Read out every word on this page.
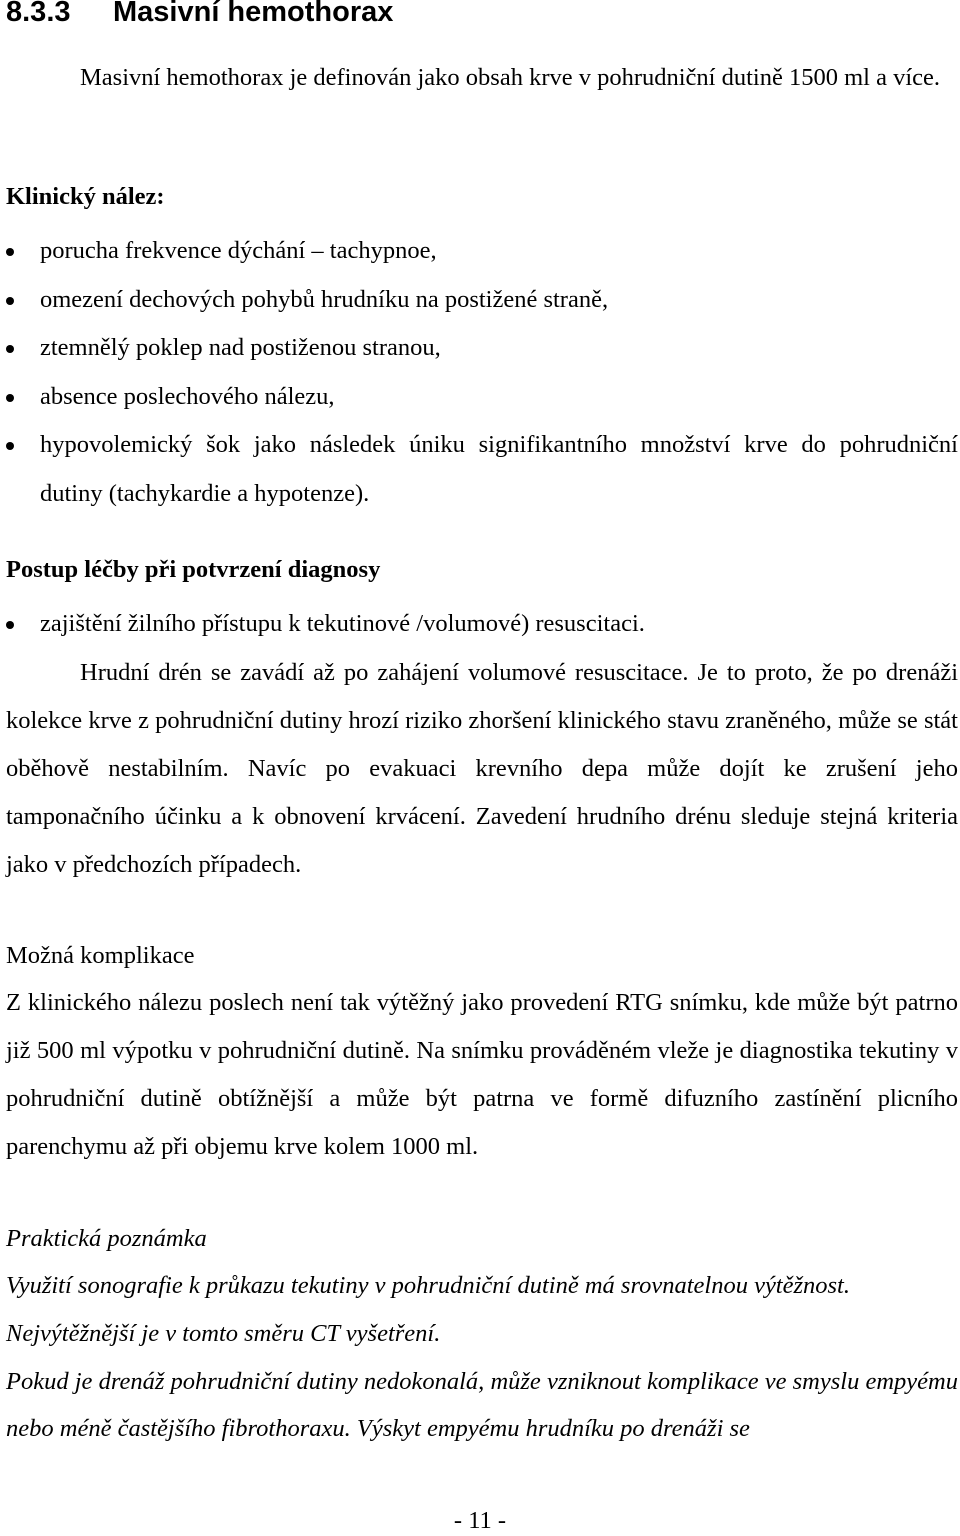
8.3.3 Masivní hemothorax
Masivní hemothorax je definován jako obsah krve v pohrudniční dutině 1500 ml a více.
Klinický nález:
porucha frekvence dýchání – tachypnoe,
omezení dechových pohybů hrudníku na postižené straně,
ztemnělý poklep nad postiženou stranou,
absence poslechového nálezu,
hypovolemický šok jako následek úniku signifikantního množství krve do pohrudniční dutiny (tachykardie a hypotenze).
Postup léčby při potvrzení diagnosy
zajištění žilního přístupu k tekutinové /volumové) resuscitaci.
Hrudní drén se zavádí až po zahájení volumové resuscitace. Je to proto, že po drenáži kolekce krve z pohrudniční dutiny hrozí riziko zhoršení klinického stavu zraněného, může se stát oběhově nestabilním. Navíc po evakuaci krevního depa může dojít ke zrušení jeho tamponačního účinku a k obnovení krvácení. Zavedení hrudního drénu sleduje stejná kriteria jako v předchozích případech.
Možná komplikace
Z klinického nálezu poslech není tak výtěžný jako provedení RTG snímku, kde může být patrno již 500 ml výpotku v pohrudniční dutině. Na snímku prováděném vleže je diagnostika tekutiny v pohrudniční dutině obtížnější a může být patrna ve formě difuzního zastínění plicního parenchymu až při objemu krve kolem 1000 ml.
Praktická poznámka
Využití sonografie k průkazu tekutiny v pohrudniční dutině má srovnatelnou výtěžnost.
Nejvýtěžnější je v tomto směru CT vyšetření.
Pokud je drenáž pohrudniční dutiny nedokonalá, může vzniknout komplikace ve smyslu empyému nebo méně častějšího fibrothoraxu. Výskyt empyému hrudníku po drenáži se
- 11 -
